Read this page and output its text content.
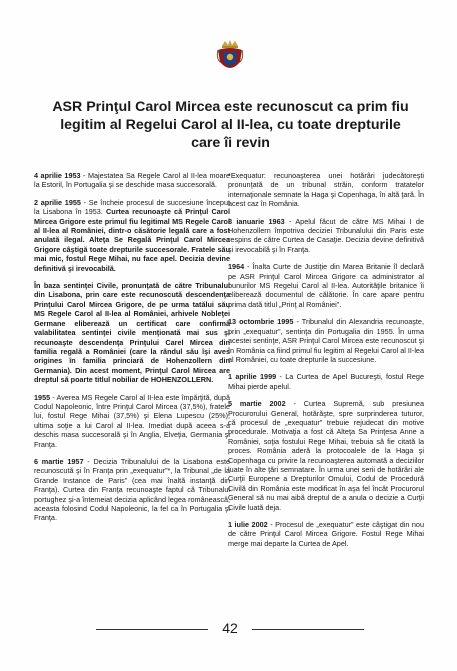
ASR Prinţul Carol Mircea este recunoscut ca prim fiu legitim al Regelui Carol al II-lea, cu toate drepturile care îi revin

4 aprilie 1953 - Majestatea Sa Regele Carol al II-lea moare la Estoril, în Portugalia şi se deschide masa succesorală.

2 aprilie 1955 - Se încheie procesul de succesiune început la Lisabona în 1953. Curtea recunoaşte că Prinţul Carol Mircea Grigore este primul fiu legitimal MS Regele Carol al II-lea al României, dintr-o căsătorie legală care a fost anulată ilegal. Alteţa Se Regală Prinţul Carol Mircea Grigore câştigă toate drepturile succesorale. Fratele său mai mic, fostul Rege Mihai, nu face apel. Decizia devine definitivă şi irevocabilă.

În baza sentinţei Civile, pronunţată de către Tribunalul din Lisabona, prin care este recunoscută descendenţa Prinţului Carol Mircea Grigore, de pe urma tatălui său MS Regele Carol al II-lea al României, arhivele Nobleţei Germane eliberează un certificat care confirmă valabilitatea sentinţei civile menţionată mai sus şi recunoaşte descendenţa Prinţului Carel Mircea din familia regală a României (care la rândul său îşi aves origines în familia princiară de Hohenzollern din Germania). Din acest moment, Prinţul Carol Mircea are dreptul să poarte titlul nobiliar de HOHENZOLLERN.

1955 - Averea MS Regele Carol al II-lea este împărţită, după Codul Napoleonic, între Prinţul Carol Mircea (37,5%), fratele lui, fostul Rege Mihai (37,5%) şi Elena Lupescu (25%), ultima soţie a lui Carol al II-lea. Imediat după aceea s-a deschis masa succesorală şi în Anglia, Elveţia, Germania şi Franţa.

6 martie 1957 - Decizia Tribunalului de la Lisabona este recunoscută şi în Franţa prin „exequatur”*, la Tribunal „de la Grande Instance de Paris” (cea mai înaltă instanţă din Franţa). Curtea din Franţa recunoaşte faptul că Tribunalul portughez şi-a întemeiat decizia aplicând legea românească, aceasta folosind Codul Napoleonic, la fel ca în Portugalia şi Franţa.

*Exequatur: recunoaşterea unei hotărâri judecătoreşti pronunţată de un tribunal străin, conform tratatelor internaţionale semnate la Haga şi Copenhaga, în altă ţară. În acest caz în România.

8 ianuarie 1963 - Apelul făcut de către MS Mihai I de Hohenzollern împotriva deciziei Tribunalului din Paris este respins de către Curtea de Casaţie. Decizia devine definitivă şi irevocabilă şi în Franţa.

1964 - Înalta Curte de Justiţie din Marea Britanie îl declară pe ASR Prinţul Carol Mircea Grigore ca administrator al bunurilor MS Regelui Carol al II-lea. Autorităţile britanice îi eliberează documentul de călătorie. În care apare pentru prima dată titlul „Prinţ al României”.

13 octombrie 1995 - Tribunalul din Alexandria recunoaşte, prin „exequatur”, sentinţa din Portugalia din 1955. În urma acestei sentinţe, ASR Prinţul Carol Mircea este recunoscut şi în România ca fiind primul fiu legitim al Regelui Carol al II-lea al României, cu toate drepturile la succesiune.

1 aprilie 1999 - La Curtea de Apel Bucureşti, fostul Rege Mihai pierde apelul.

5 martie 2002 - Curtea Supremă, sub presiunea Procurorului General, hotărăşte, spre surprinderea tuturor, că procesul de „exequatur” trebuie rejudecat din motive procedurale. Motivaţia a fost că Alteţa Sa Prinţesa Anne a României, soţia fostului Rege Mihai, trebuia să fie citată la proces. România aderă la protocoalele de la Haga şi Copenhaga cu privire la recunoaşterea automată a deciziilor luate în alte ţări semnatare. În urma unei serii de hotărâri ale Curţii Europene a Drepturilor Omului, Codul de Procedură Civilă din România este modificat în aşa fel încât Procurorul General să nu mai aibă dreptul de a anula o decizie a Curţii Civile luată deja.

1 iulie 2002 - Procesul de „exequatur” este câştigat din nou de către Prinţul Carol Mircea Grigore. Fostul Rege Mihai merge mai departe la Curtea de Apel.

42
